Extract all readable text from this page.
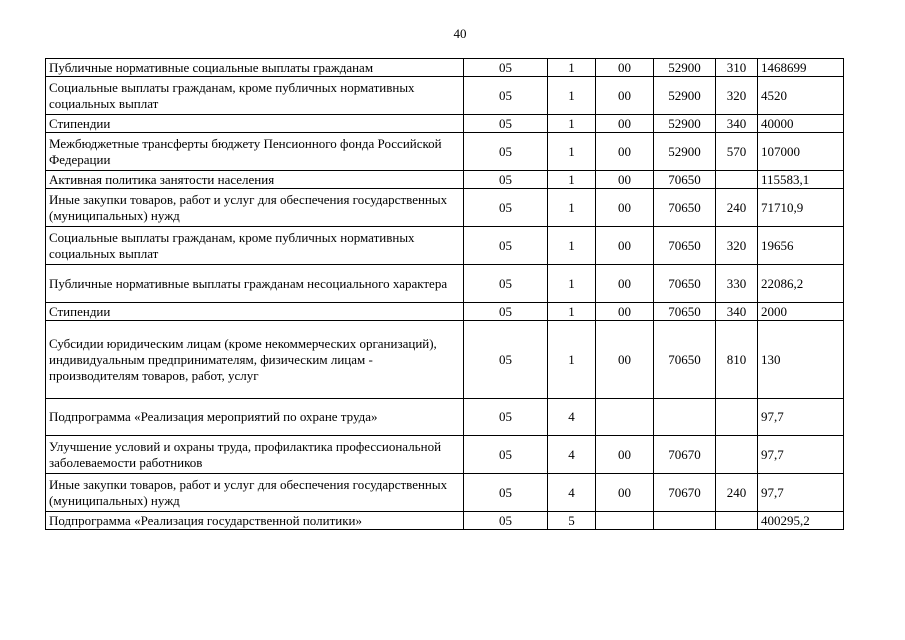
40
Публичные нормативные социальные выплаты гражданам	05	1	00	52900	310	1468699
Социальные выплаты гражданам, кроме публичных нормативных социальных выплат	05	1	00	52900	320	4520
Стипендии	05	1	00	52900	340	40000
Межбюджетные трансферты бюджету Пенсионного фонда Российской Федерации	05	1	00	52900	570	107000
Активная политика занятости населения	05	1	00	70650		115583,1
Иные закупки товаров, работ и услуг для обеспечения государственных (муниципальных) нужд	05	1	00	70650	240	71710,9
Социальные выплаты гражданам, кроме публичных нормативных социальных выплат	05	1	00	70650	320	19656
Публичные нормативные выплаты гражданам несоциального характера	05	1	00	70650	330	22086,2
Стипендии	05	1	00	70650	340	2000
Субсидии юридическим лицам (кроме некоммерческих организаций), индивидуальным предпринимателям, физическим лицам - производителям товаров, работ, услуг	05	1	00	70650	810	130
Подпрограмма «Реализация мероприятий по охране труда»	05	4				97,7
Улучшение условий и охраны труда, профилактика профессиональной заболеваемости работников	05	4	00	70670		97,7
Иные закупки товаров, работ и услуг для обеспечения государственных (муниципальных) нужд	05	4	00	70670	240	97,7
Подпрограмма «Реализация государственной политики»	05	5				400295,2
